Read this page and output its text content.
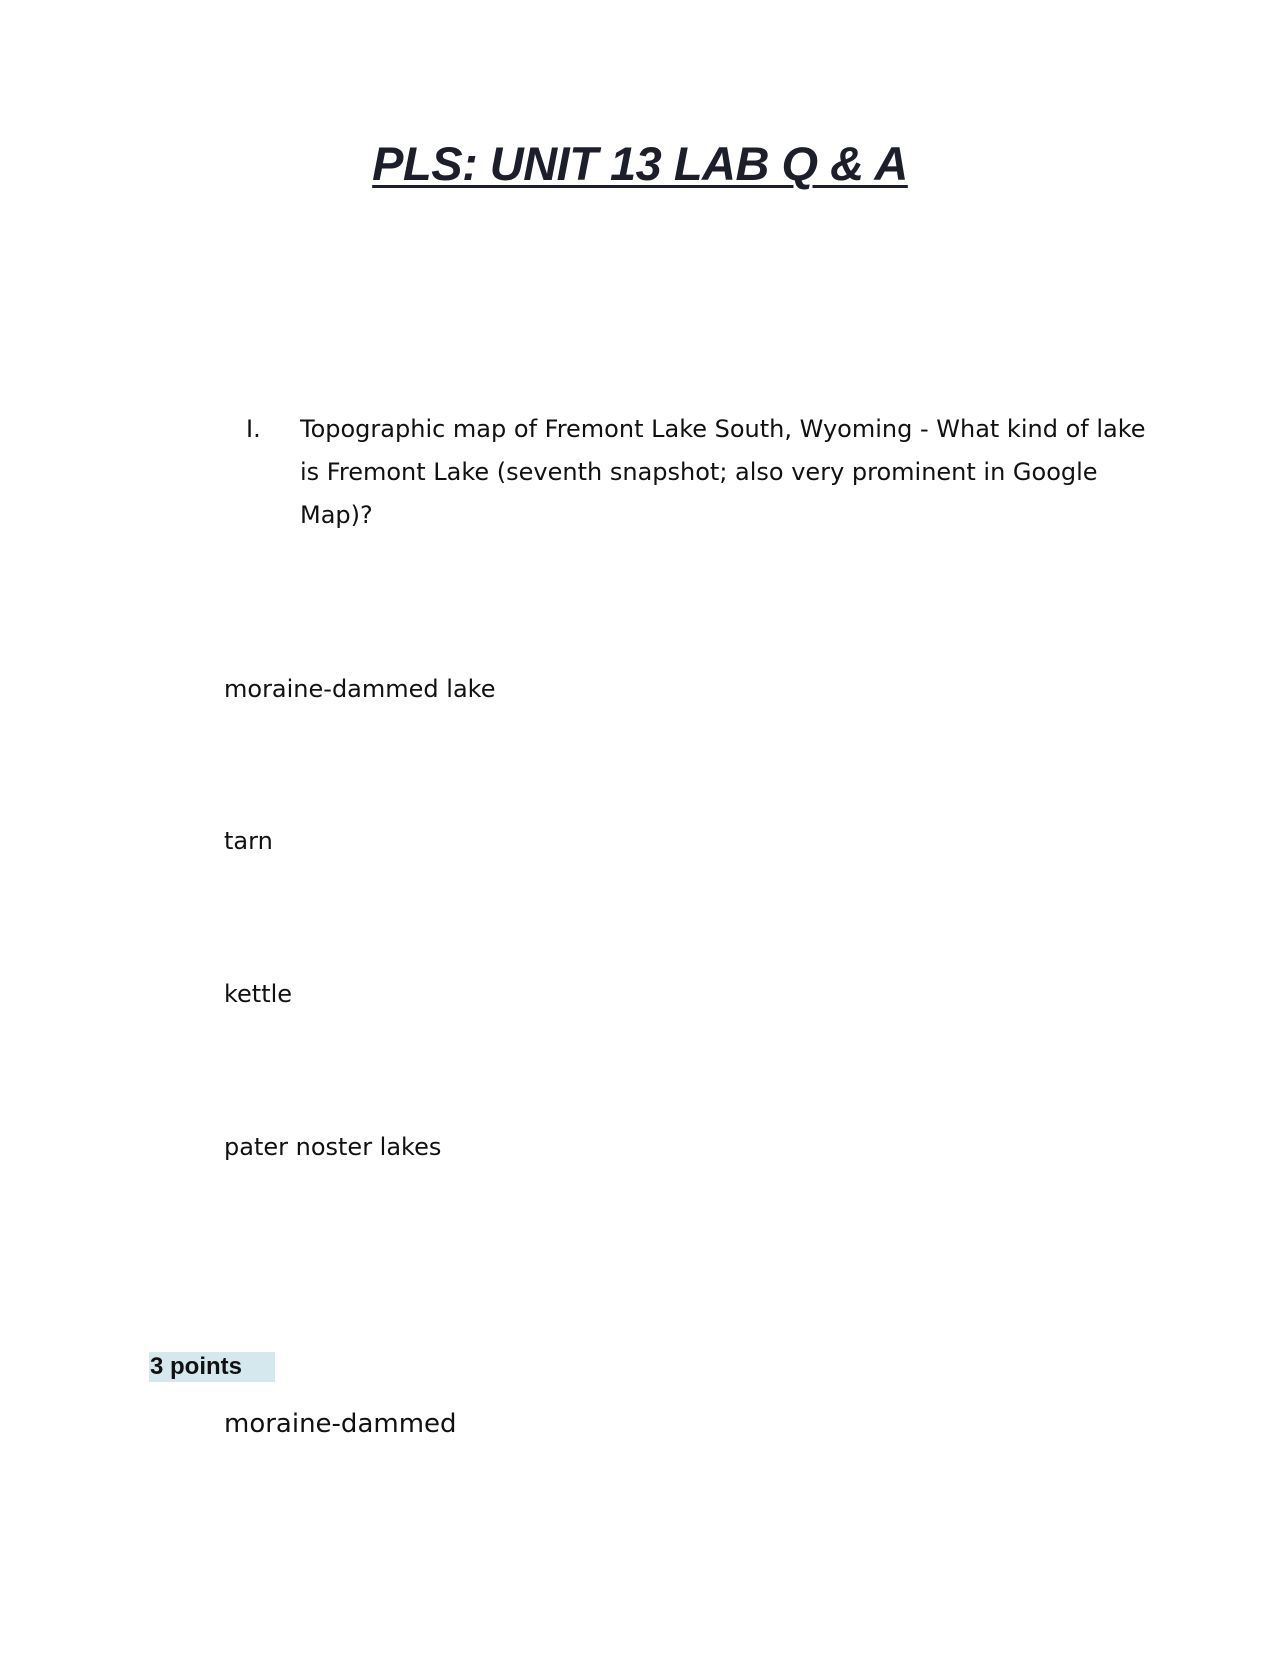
PLS: UNIT 13 LAB Q & A
I.	Topographic map of Fremont Lake South, Wyoming - What kind of lake is Fremont Lake (seventh snapshot; also very prominent in Google Map)?
moraine-dammed lake
tarn
kettle
pater noster lakes
3 points
moraine-dammed
